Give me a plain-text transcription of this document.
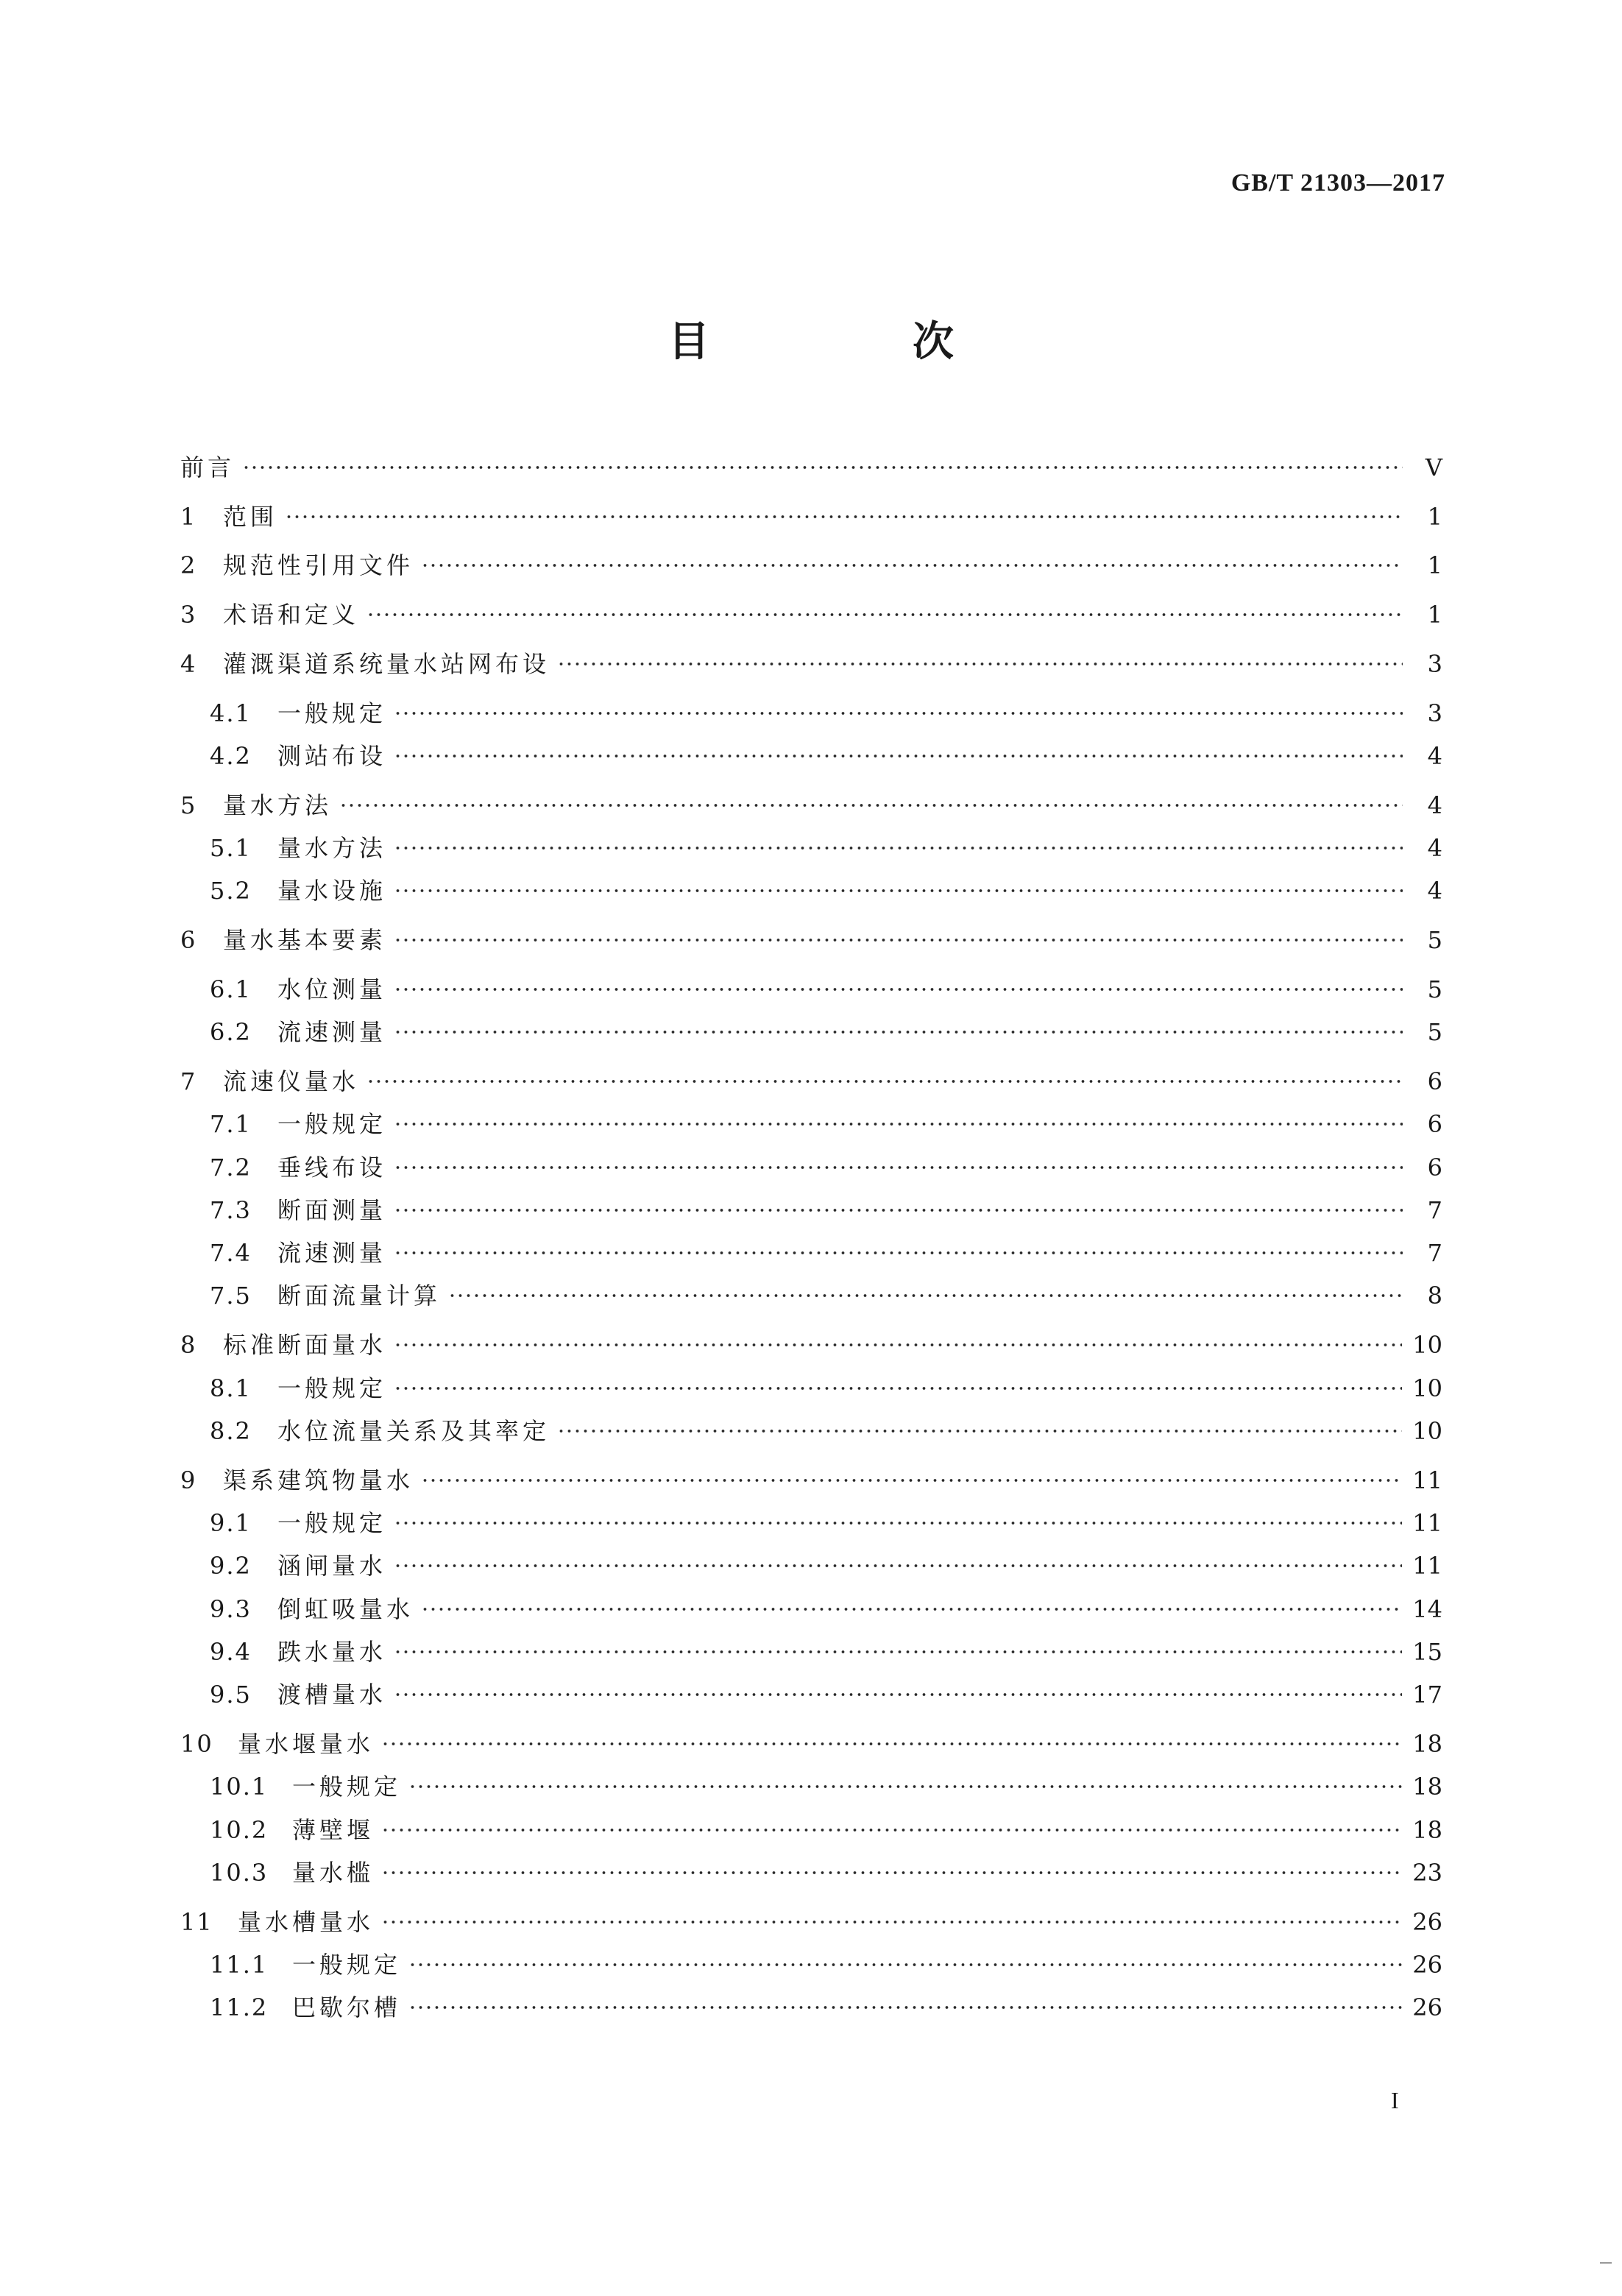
GB/T 21303—2017
目　次
前言	V
1	范围	1
2	规范性引用文件	1
3	术语和定义	1
4	灌溉渠道系统量水站网布设	3
4.1	一般规定	3
4.2	测站布设	4
5	量水方法	4
5.1	量水方法	4
5.2	量水设施	4
6	量水基本要素	5
6.1	水位测量	5
6.2	流速测量	5
7	流速仪量水	6
7.1	一般规定	6
7.2	垂线布设	6
7.3	断面测量	7
7.4	流速测量	7
7.5	断面流量计算	8
8	标准断面量水	10
8.1	一般规定	10
8.2	水位流量关系及其率定	10
9	渠系建筑物量水	11
9.1	一般规定	11
9.2	涵闸量水	11
9.3	倒虹吸量水	14
9.4	跌水量水	15
9.5	渡槽量水	17
10	量水堰量水	18
10.1	一般规定	18
10.2	薄壁堰	18
10.3	量水槛	23
11	量水槽量水	26
11.1	一般规定	26
11.2	巴歇尔槽	26
I
